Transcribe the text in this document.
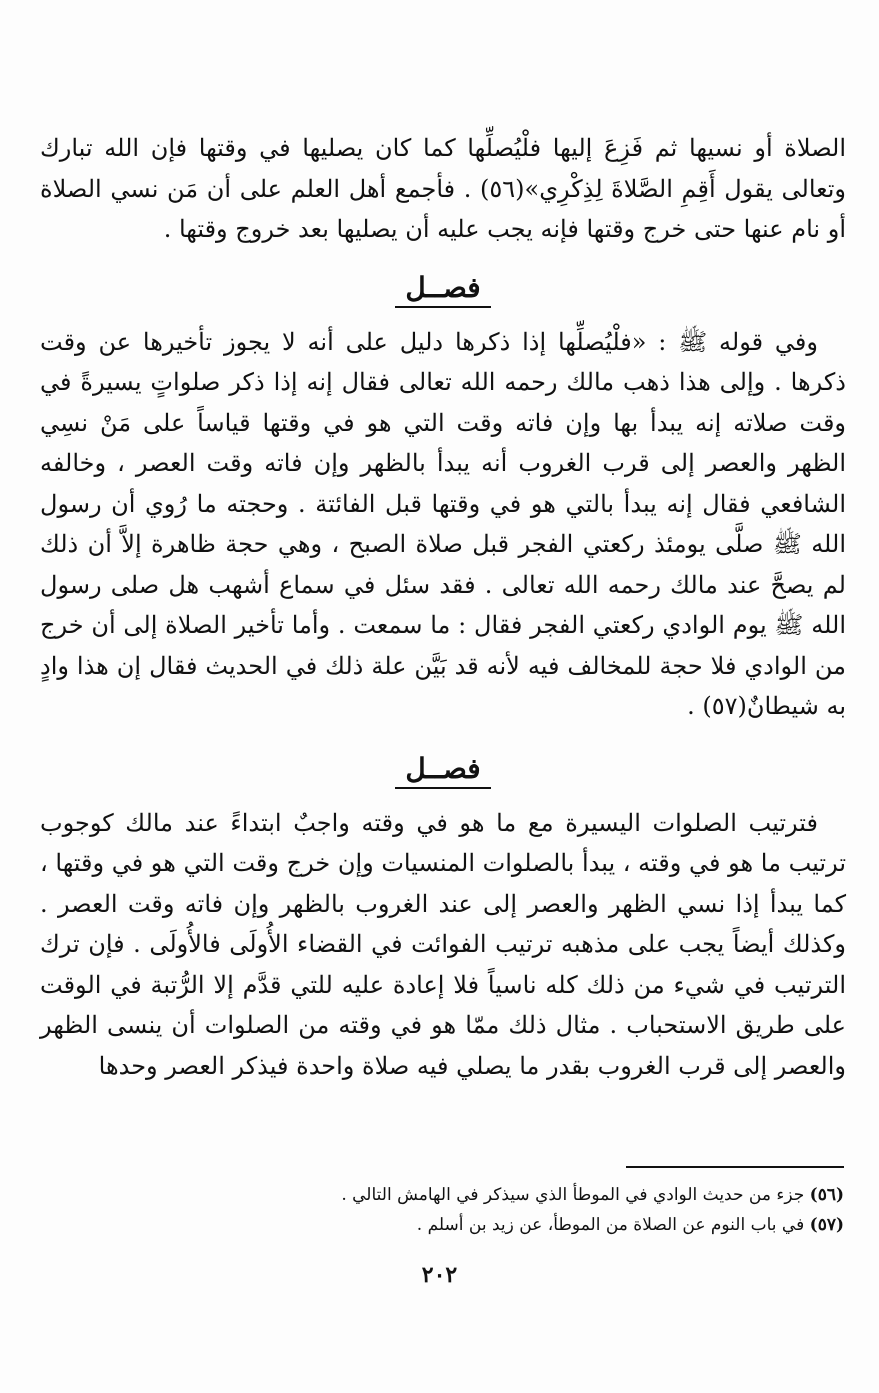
الصلاة أو نسيها ثم فَزِعَ إليها فلْيُصلِّها كما كان يصليها في وقتها فإن الله تبارك وتعالى يقول أَقِمِ الصَّلاةَ لِذِكْرِي»(٥٦) . فأجمع أهل العلم على أن مَن نسي الصلاة أو نام عنها حتى خرج وقتها فإنه يجب عليه أن يصليها بعد خروج وقتها .

فصــل

وفي قوله ﷺ : «فلْيُصلِّها إذا ذكرها دليل على أنه لا يجوز تأخيرها عن وقت ذكرها . وإلى هذا ذهب مالك رحمه الله تعالى فقال إنه إذا ذكر صلواتٍ يسيرةً في وقت صلاته إنه يبدأ بها وإن فاته وقت التي هو في وقتها قياساً على مَنْ نسِي الظهر والعصر إلى قرب الغروب أنه يبدأ بالظهر وإن فاته وقت العصر ، وخالفه الشافعي فقال إنه يبدأ بالتي هو في وقتها قبل الفائتة . وحجته ما رُوي أن رسول الله ﷺ صلَّى يومئذ ركعتي الفجر قبل صلاة الصبح ، وهي حجة ظاهرة إلاَّ أن ذلك لم يصحَّ عند مالك رحمه الله تعالى . فقد سئل في سماع أشهب هل صلى رسول الله ﷺ يوم الوادي ركعتي الفجر فقال : ما سمعت . وأما تأخير الصلاة إلى أن خرج من الوادي فلا حجة للمخالف فيه لأنه قد بَيَّن علة ذلك في الحديث فقال إن هذا وادٍ به شيطانٌ(٥٧) .

فصــل

فترتيب الصلوات اليسيرة مع ما هو في وقته واجبٌ ابتداءً عند مالك كوجوب ترتيب ما هو في وقته ، يبدأ بالصلوات المنسيات وإن خرج وقت التي هو في وقتها ، كما يبدأ إذا نسي الظهر والعصر إلى عند الغروب بالظهر وإن فاته وقت العصر . وكذلك أيضاً يجب على مذهبه ترتيب الفوائت في القضاء الأُولَى فالأُولَى . فإن ترك الترتيب في شيء من ذلك كله ناسياً فلا إعادة عليه للتي قدَّم إلا الرُّتبة في الوقت على طريق الاستحباب . مثال ذلك ممّا هو في وقته من الصلوات أن ينسى الظهر والعصر إلى قرب الغروب بقدر ما يصلي فيه صلاة واحدة فيذكر العصر وحدها

(٥٦) جزء من حديث الوادي في الموطأ الذي سيذكر في الهامش التالي .

(٥٧) في باب النوم عن الصلاة من الموطأ، عن زيد بن أسلم .

٢٠٢
